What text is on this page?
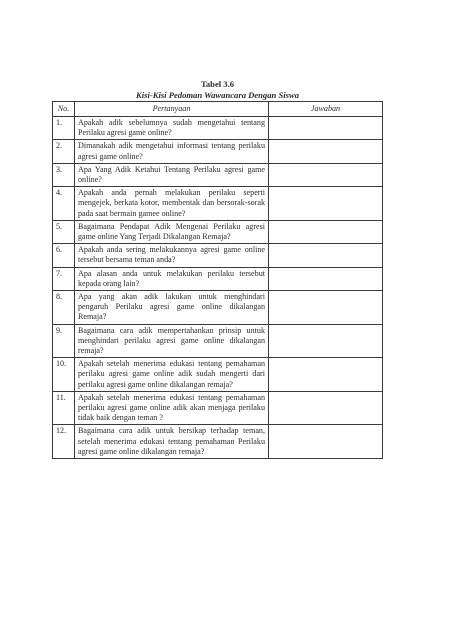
Tabel 3.6
Kisi-Kisi Pedoman Wawancara Dengan Siswa
No.	Pertanyaan	Jawaban
1.	Apakah adik sebelumnya sudah mengetahui tentang Perilaku agresi game online?	
2.	Dimanakah adik mengetahui informasi tentang perilaku agresi game online?	
3.	Apa Yang Adik Ketahui Tentang Perilaku agresi game online?	
4.	Apakah anda pernah melakukan perilaku seperti mengejek, berkata kotor, membentak dan bersorak-sorak pada saat bermain gamee online?	
5.	Bagaimana Pendapat Adik Mengenai Perilaku agresi game online Yang Terjadi Dikalangan Remaja?	
6.	Apakah anda sering melakukannya agresi game online tersebut bersama teman anda?	
7.	Apa alasan anda untuk melakukan perilaku tersebut kepada orang lain?	
8.	Apa yang akan adik lakukan untuk menghindari pengaruh Perilaku agresi game online dikalangan Remaja?	
9.	Bagaimana cara adik mempertahankan prinsip untuk menghindari perilaku agresi game online dikalangan remaja?	
10.	Apakah setelah menerima edukasi tentang pemahaman perilaku agresi game online adik sudah mengerti dari perilaku agresi game online dikalangan remaja?	
11.	Apakah setelah menerima edukasi tentang pemahaman perilaku agresi game online adik akan menjaga perilaku tidak baik dengan teman ?	
12.	Bagaimana cara adik untuk bersikap terhadap teman, setelah menerima edukasi tentang pemahaman Perilaku agresi game online dikalangan remaja?	
